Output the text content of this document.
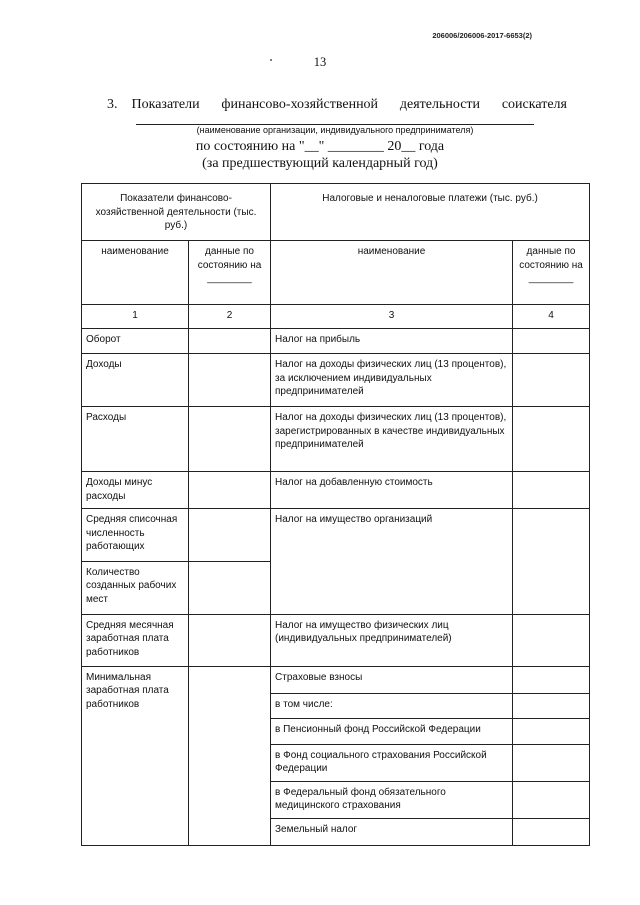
206006/206006-2017-6653(2)
13
3. Показатели финансово-хозяйственной деятельности соискателя
(наименование организации, индивидуального предпринимателя)
по состоянию на "__" ________ 20__ года
(за предшествующий календарный год)
Показатели финансово-хозяйственной деятельности (тыс. руб.)		Налоговые и неналоговые платежи (тыс. руб.)	
наименование	данные по состоянию на ________	наименование	данные по состоянию на ________
1	2	3	4
Оборот		Налог на прибыль	
Доходы		Налог на доходы физических лиц (13 процентов), за исключением индивидуальных предпринимателей	
Расходы		Налог на доходы физических лиц (13 процентов), зарегистрированных в качестве индивидуальных предпринимателей	
Доходы минус расходы		Налог на добавленную стоимость	
Средняя списочная численность работающих		Налог на имущество организаций	
Количество созданных рабочих мест			
Средняя месячная заработная плата работников		Налог на имущество физических лиц (индивидуальных предпринимателей)	
Минимальная заработная плата работников		Страховые взносы	
		в том числе:	
		в Пенсионный фонд Российской Федерации	
		в Фонд социального страхования Российской Федерации	
		в Федеральный фонд обязательного медицинского страхования	
		Земельный налог	
